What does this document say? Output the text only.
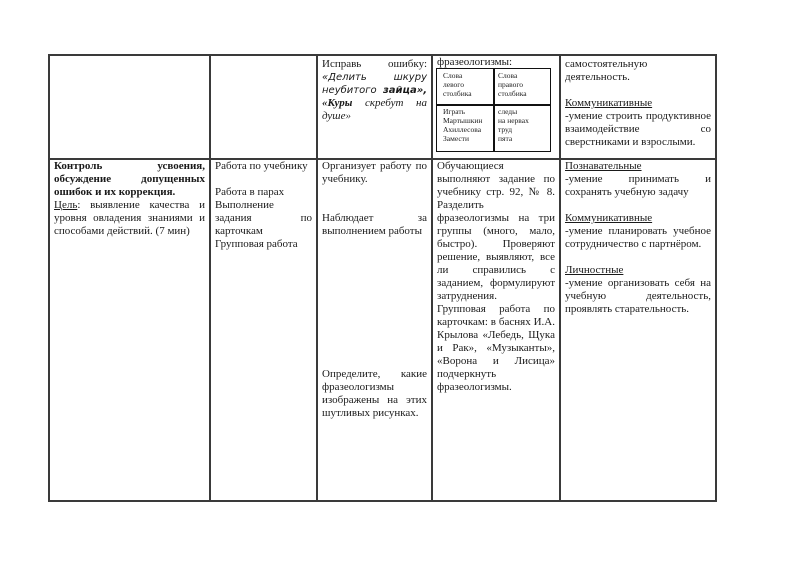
Исправь ошибку:

«Делить шкуру неубитого зайца», «Куры скребут на душе»

фразеологизмы:

Слова
левого
столбика
Слова
правого
столбика
Играть
Мартышкин
Ахиллесова
Замести
следы
на нервах
труд
пята

самостоятельную

деятельность.

Коммуникативные

-умение строить продуктивное взаимодействие со сверстниками и взрослыми.

Контроль усвоения, обсуждение допущенных ошибок и их коррекция.

Цель: выявление качества и уровня овладения знаниями и способами действий. (7 мин)

Работа по учебнику

Работа в парах

Выполнение задания по карточкам

Групповая работа

Организует работу по учебнику.

Наблюдает за выполнением работы

Определите, какие фразеологизмы изображены на этих шутливых рисунках.

Обучающиеся выполняют задание по учебнику стр. 92, № 8. Разделить фразеологизмы на три группы (много, мало, быстро). Проверяют решение, выявляют, все ли справились с заданием, формулируют затруднения.

Групповая работа по карточкам: в баснях И.А. Крылова «Лебедь, Щука и Рак», «Музыканты», «Ворона и Лисица» подчеркнуть фразеологизмы.

Познавательные

-умение принимать и сохранять учебную задачу

Коммуникативные

-умение планировать учебное сотрудничество с партнёром.

Личностные

-умение организовать себя на учебную деятельность, проявлять старательность.
